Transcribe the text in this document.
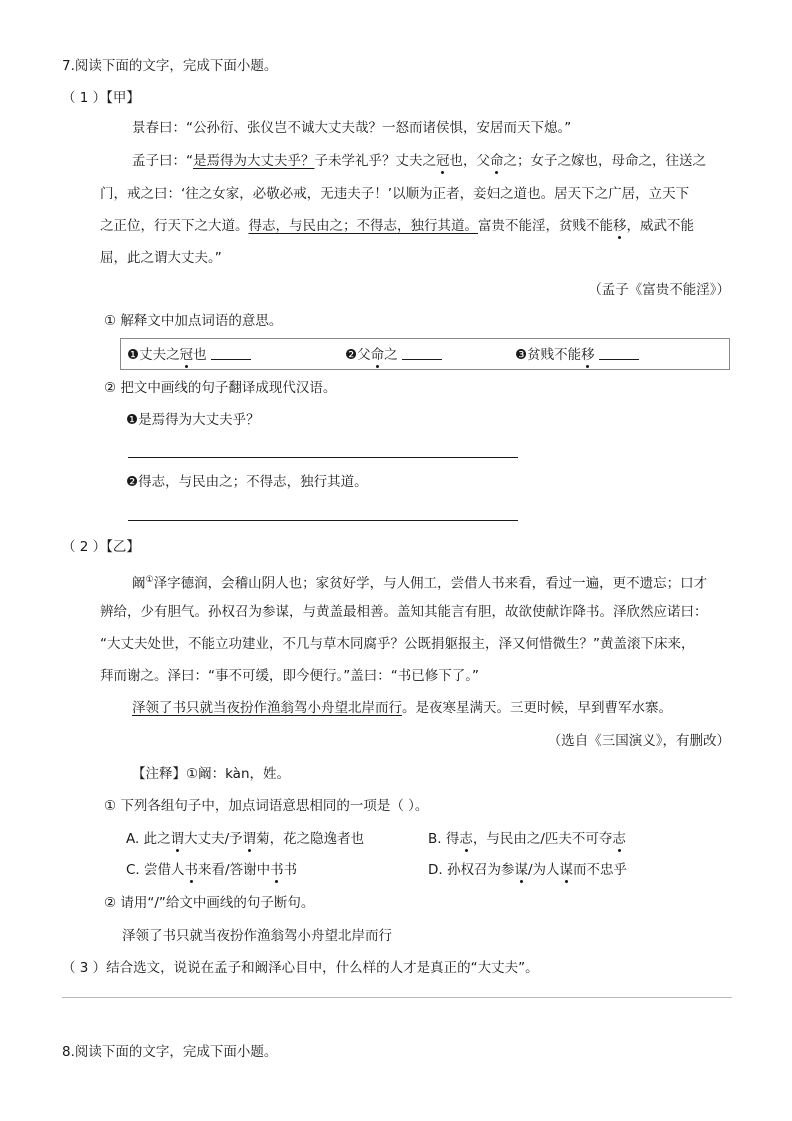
7.阅读下面的文字，完成下面小题。
（ 1 ）【甲】
景春曰：“公孙衍、张仪岂不诚大丈夫哉？一怒而诸侯惧，安居而天下熄。”
孟子曰：“是焉得为大丈夫乎？子未学礼乎？丈夫之冠也，父命之；女子之嫁也，母命之，往送之
门，戒之曰：‘往之女家，必敬必戒，无违夫子！’以顺为正者，妾妇之道也。居天下之广居，立天下
之正位，行天下之大道。得志，与民由之；不得志，独行其道。富贵不能淫，贫贱不能移，威武不能
屈，此之谓大丈夫。”
（孟子《富贵不能淫》）
① 解释文中加点词语的意思。
❶丈夫之冠也	❷父命之	❸贫贱不能移
② 把文中画线的句子翻译成现代汉语。
❶是焉得为大丈夫乎？
❷得志，与民由之；不得志，独行其道。
（ 2 ）【乙】
阚①泽字德润，会稽山阴人也；家贫好学，与人佣工，尝借人书来看，看过一遍，更不遗忘；口才
辨给，少有胆气。孙权召为参谋，与黄盖最相善。盖知其能言有胆，故欲使献诈降书。泽欣然应诺曰：
“大丈夫处世，不能立功建业，不几与草木同腐乎？公既捐躯报主，泽又何惜微生？”黄盖滚下床来，
拜而谢之。泽曰：“事不可缓，即今便行。”盖曰：“书已修下了。”
泽领了书只就当夜扮作渔翁驾小舟望北岸而行。是夜寒星满天。三更时候，早到曹军水寨。
（选自《三国演义》，有删改）
【注释】①阚：kàn，姓。
① 下列各组句子中，加点词语意思相同的一项是（ ）。
A. 此之谓大丈夫/予谓菊，花之隐逸者也	B. 得志，与民由之/匹夫不可夺志
C. 尝借人书来看/答谢中书书	D. 孙权召为参谋/为人谋而不忠乎
② 请用“/”给文中画线的句子断句。
泽领了书只就当夜扮作渔翁驾小舟望北岸而行
（ 3 ）结合选文，说说在孟子和阚泽心目中，什么样的人才是真正的“大丈夫”。
8.阅读下面的文字，完成下面小题。
